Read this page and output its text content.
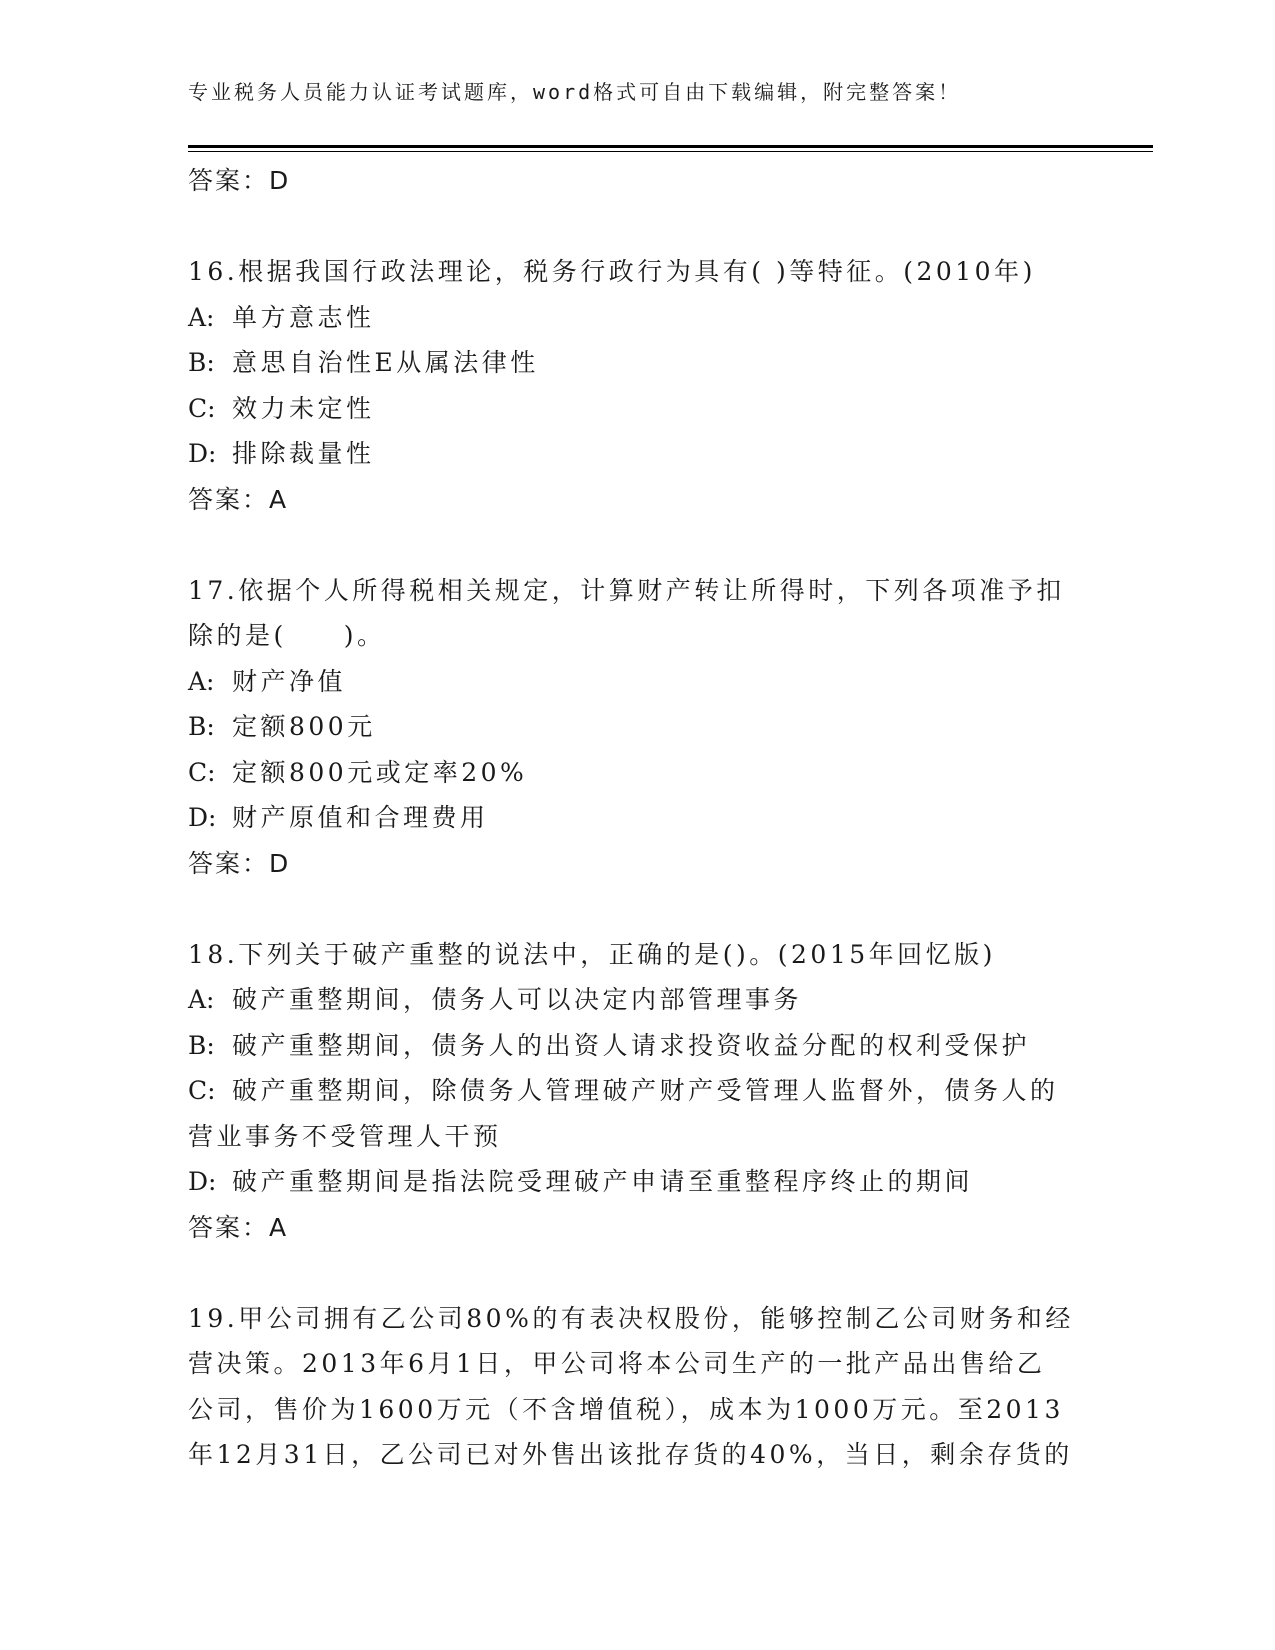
专业税务人员能力认证考试题库，word格式可自由下载编辑，附完整答案！
答案：D
16.根据我国行政法理论，税务行政行为具有( )等特征。(2010年)
A: 单方意志性
B: 意思自治性E从属法律性
C: 效力未定性
D: 排除裁量性
答案：A
17.依据个人所得税相关规定，计算财产转让所得时，下列各项准予扣
除的是(　　)。
A: 财产净值
B: 定额800元
C: 定额800元或定率20%
D: 财产原值和合理费用
答案：D
18.下列关于破产重整的说法中，正确的是()。(2015年回忆版)
A: 破产重整期间，债务人可以决定内部管理事务
B: 破产重整期间，债务人的出资人请求投资收益分配的权利受保护
C: 破产重整期间，除债务人管理破产财产受管理人监督外，债务人的
营业事务不受管理人干预
D: 破产重整期间是指法院受理破产申请至重整程序终止的期间
答案：A
19.甲公司拥有乙公司80%的有表决权股份，能够控制乙公司财务和经
营决策。2013年6月1日，甲公司将本公司生产的一批产品出售给乙
公司，售价为1600万元（不含增值税），成本为1000万元。至2013
年12月31日，乙公司已对外售出该批存货的40%，当日，剩余存货的
